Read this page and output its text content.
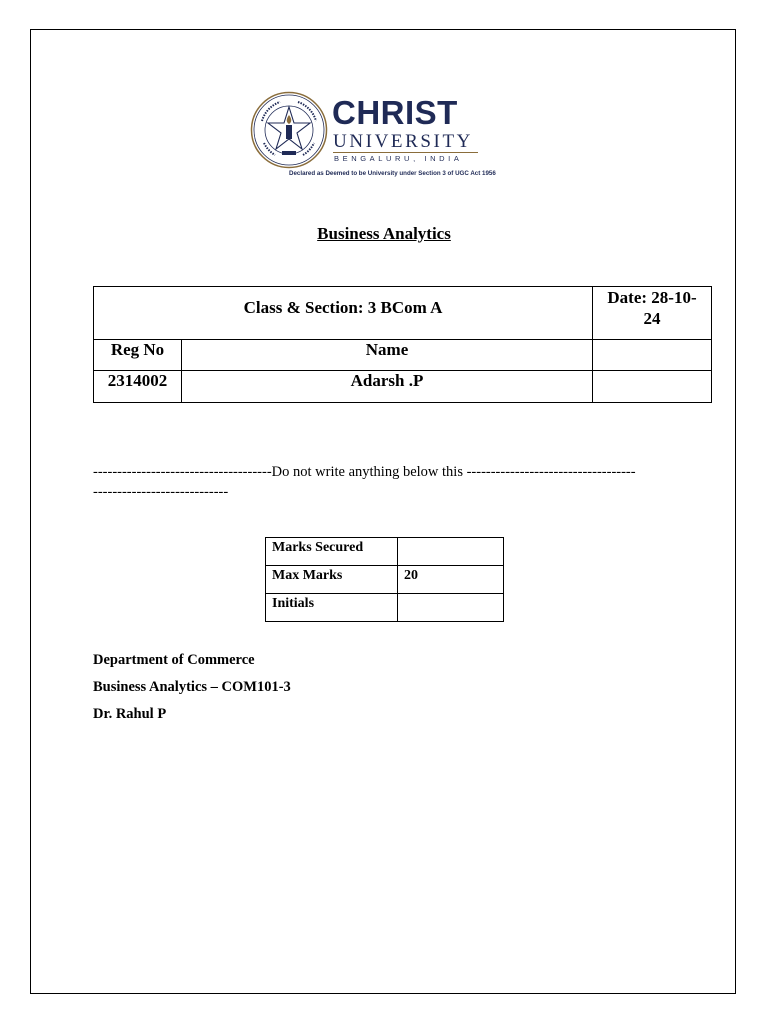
CHRIST
UNIVERSITY
BENGALURU, INDIA
Declared as Deemed to be University under Section 3 of UGC Act 1956
Business Analytics
Class & Section: 3 BCom A
Date: 28-10-
24
Reg No	Name
2314002	Adarsh .P
-------------------------------------Do not write anything below this -----------------------------------
----------------------------
Marks Secured	
Max Marks	20
Initials	
Department of Commerce
Business Analytics – COM101-3
Dr. Rahul P
